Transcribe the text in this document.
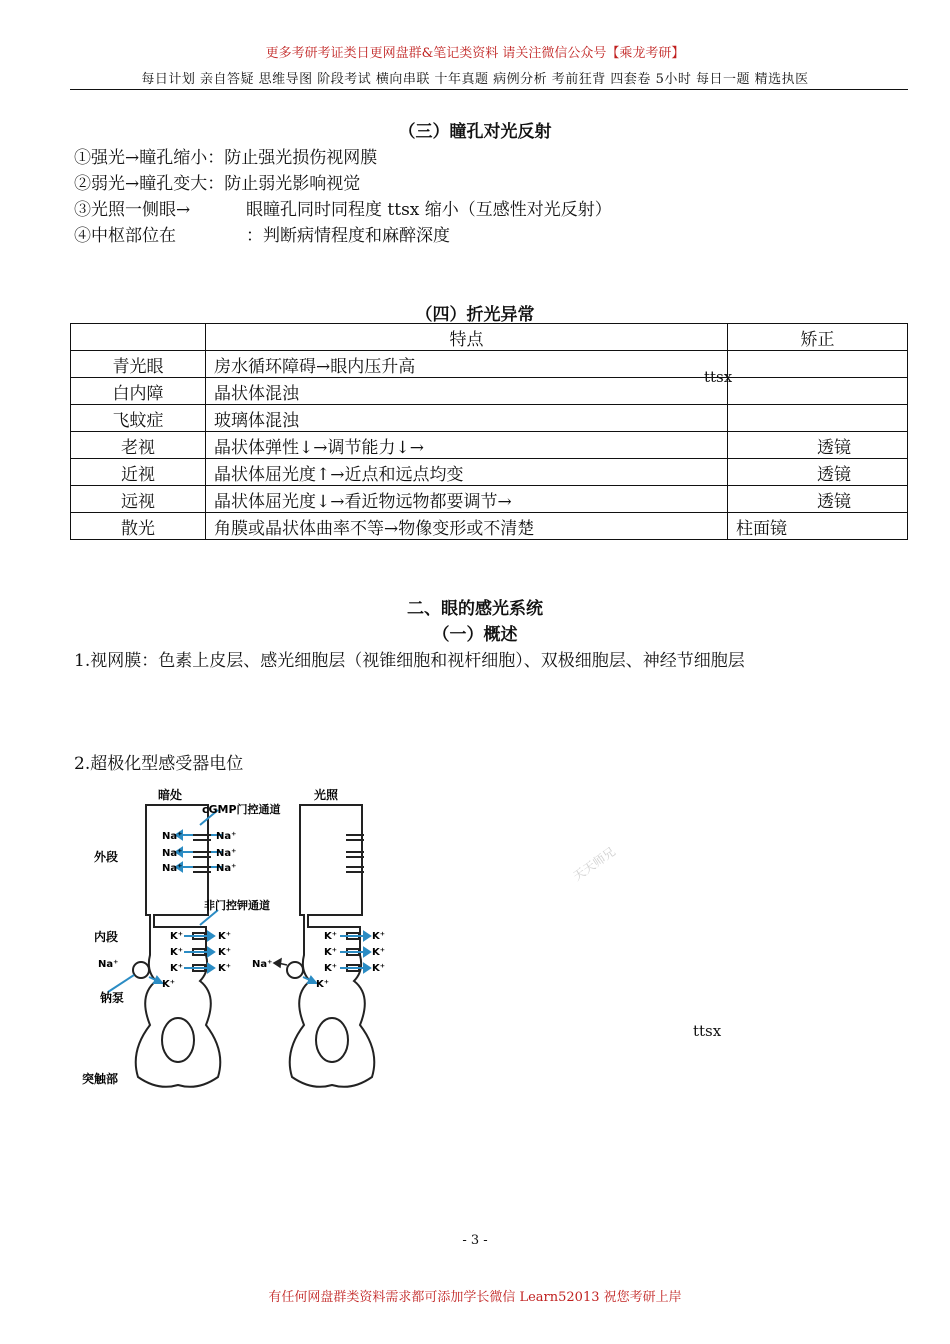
更多考研考证类日更网盘群&笔记类资料 请关注微信公众号【乘龙考研】
每日计划 亲自答疑 思维导图 阶段考试 横向串联 十年真题 病例分析 考前狂背 四套卷 5小时 每日一题 精选执医
（三）瞳孔对光反射
①强光→瞳孔缩小：防止强光损伤视网膜
②弱光→瞳孔变大：防止弱光影响视觉
③光照一侧眼→	眼瞳孔同时同程度 ttsx 缩小（互感性对光反射）
④中枢部位在	：判断病情程度和麻醉深度
（四）折光异常
	特点	矫正
青光眼	房水循环障碍→眼内压升高	
白内障	晶状体混浊	
飞蚊症	玻璃体混浊	
老视	晶状体弹性↓→调节能力↓→	透镜
近视	晶状体屈光度↑→近点和远点均变	透镜
远视	晶状体屈光度↓→看近物远物都要调节→	透镜
散光	角膜或晶状体曲率不等→物像变形或不清楚	柱面镜
ttsx
二、眼的感光系统
（一）概述
1.视网膜：色素上皮层、感光细胞层（视锥细胞和视杆细胞）、双极细胞层、神经节细胞层
2.超极化型感受器电位
暗处	光照
cGMP门控通道
非门控钾通道
外段
内段
钠泵
突触部
Na⁺	Na⁺
Na⁺	Na⁺
Na⁺	Na⁺
K⁺	K⁺
K⁺	K⁺
K⁺	K⁺
Na⁺
K⁺
K⁺	K⁺
K⁺	K⁺
K⁺	K⁺
Na⁺
K⁺
ttsx
天天师兄
- 3 -
有任何网盘群类资料需求都可添加学长微信 Learn52013 祝您考研上岸
